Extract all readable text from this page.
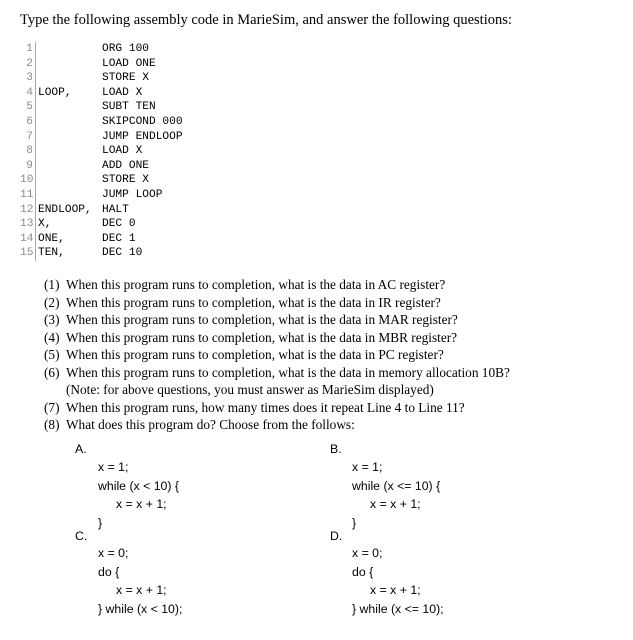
Type the following assembly code in MarieSim, and answer the following questions:
1	ORG 100
2	LOAD ONE
3	STORE X
4 LOOP,	LOAD X
5	SUBT TEN
6	SKIPCOND 000
7	JUMP ENDLOOP
8	LOAD X
9	ADD ONE
10	STORE X
11	JUMP LOOP
12 ENDLOOP, HALT
13 X,	DEC 0
14 ONE,	DEC 1
15 TEN,	DEC 10
(1) When this program runs to completion, what is the data in AC register?
(2) When this program runs to completion, what is the data in IR register?
(3) When this program runs to completion, what is the data in MAR register?
(4) When this program runs to completion, what is the data in MBR register?
(5) When this program runs to completion, what is the data in PC register?
(6) When this program runs to completion, what is the data in memory allocation 10B?
(Note: for above questions, you must answer as MarieSim displayed)
(7) When this program runs, how many times does it repeat Line 4 to Line 11?
(8) What does this program do? Choose from the follows:
A.
x = 1;
while (x < 10) {
x = x + 1;
}
B.
x = 1;
while (x <= 10) {
x = x + 1;
}
C.
x = 0;
do {
x = x + 1;
} while (x < 10);
D.
x = 0;
do {
x = x + 1;
} while (x <= 10);
